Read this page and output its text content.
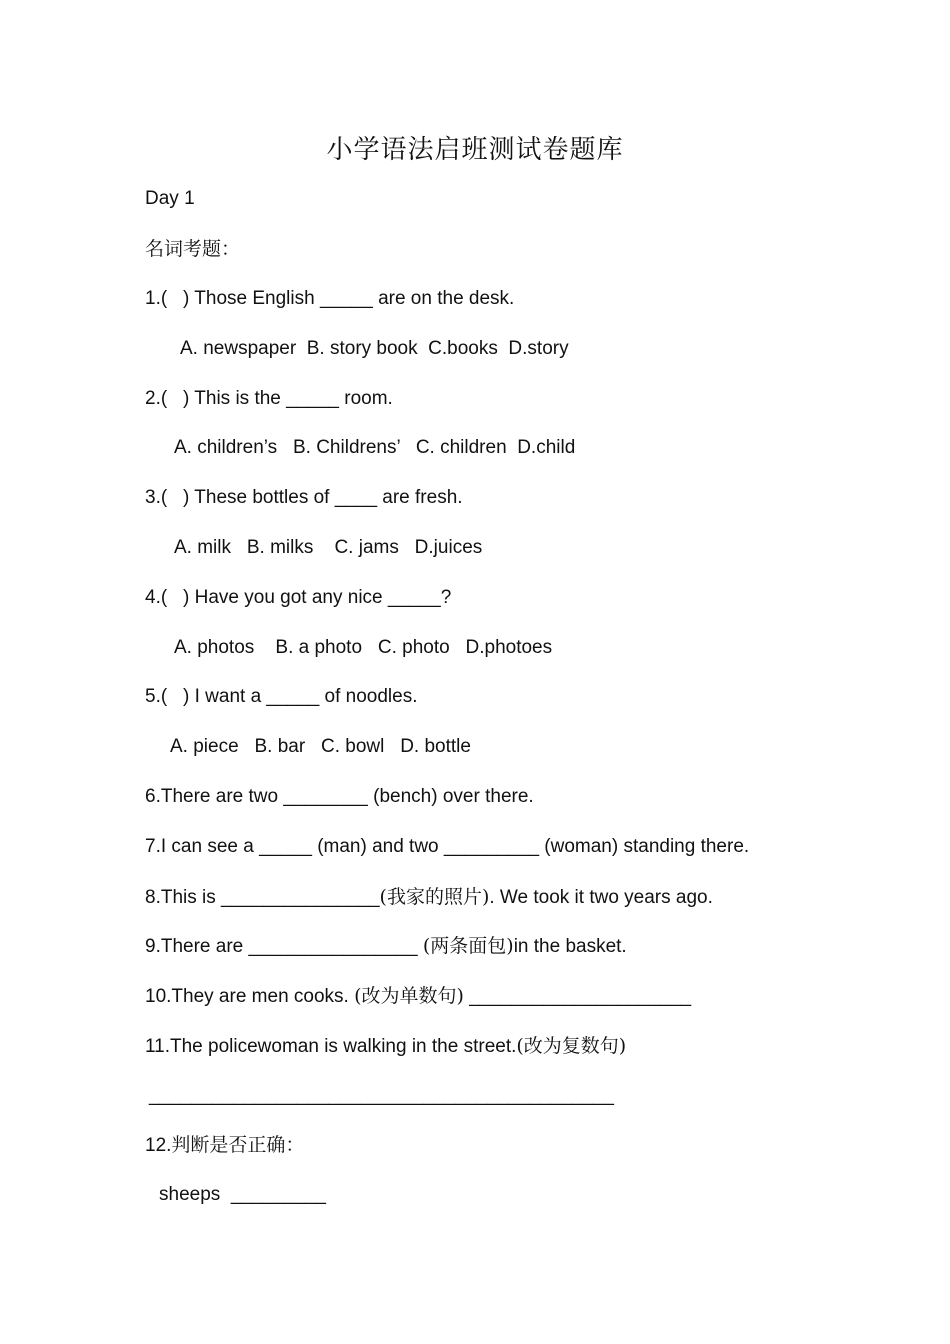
小学语法启班测试卷题库
Day 1
名词考题：
1.(   ) Those English _____ are on the desk.
A. newspaper  B. story book  C.books  D.story
2.(   ) This is the _____ room.
A. children’s   B. Childrens’   C. children  D.child
3.(   ) These bottles of ____ are fresh.
A. milk   B. milks    C. jams   D.juices
4.(   ) Have you got any nice _____?
A. photos    B. a photo   C. photo   D.photoes
5.(   ) I want a _____ of noodles.
A. piece   B. bar   C. bowl   D. bottle
6.There are two ________ (bench) over there.
7.I can see a _____ (man) and two _________ (woman) standing there.
8.This is _______________(我家的照片). We took it two years ago.
9.There are ________________ (两条面包)in the basket.
10.They are men cooks. (改为单数句) _____________________
11.The policewoman is walking in the street.(改为复数句)
____________________________________________
12.判断是否正确：
sheeps  _________
